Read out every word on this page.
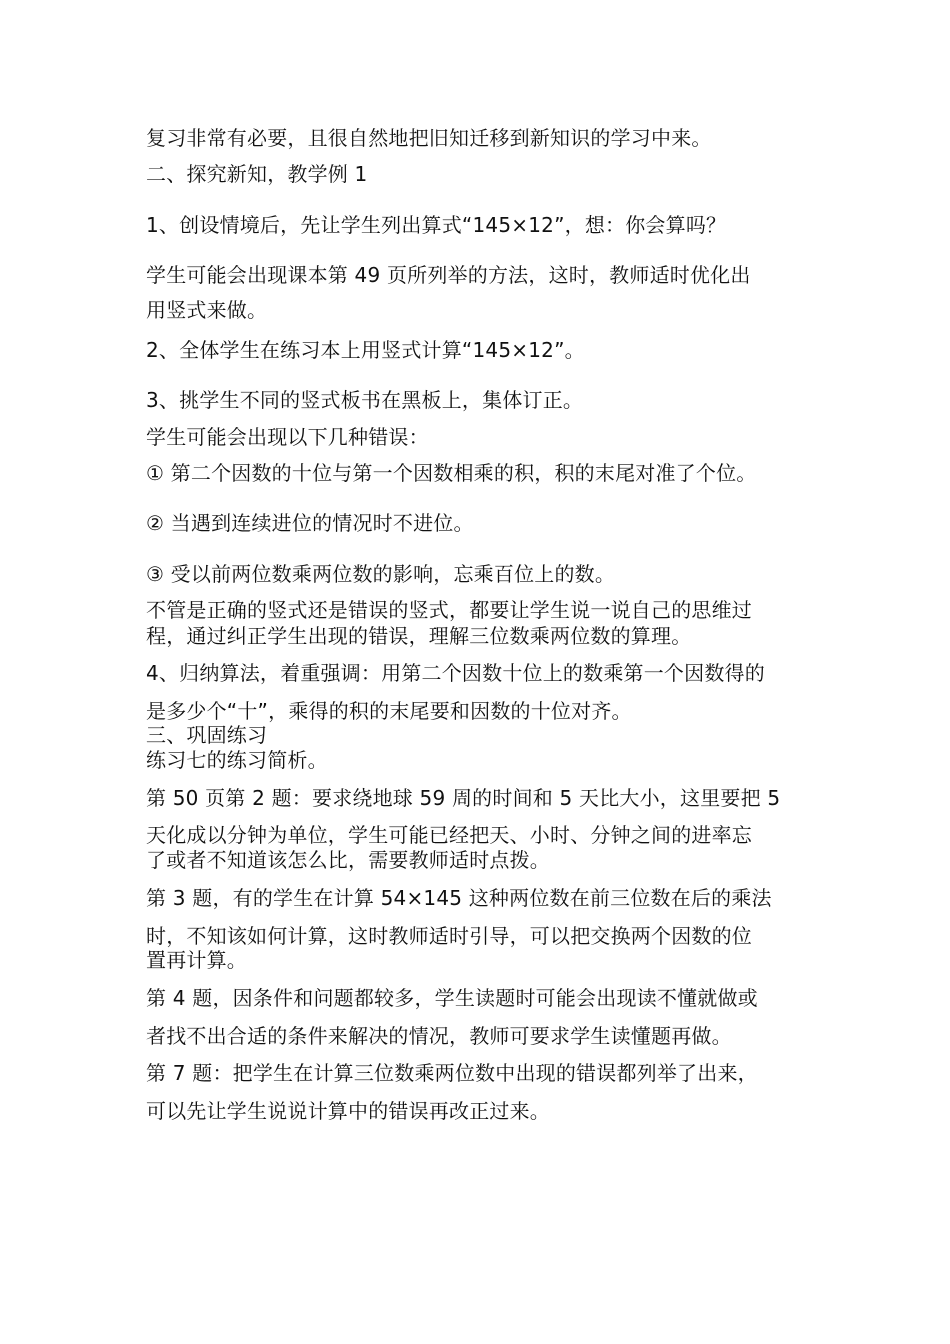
复习非常有必要，且很自然地把旧知迁移到新知识的学习中来。
二、探究新知，教学例 1
1、创设情境后，先让学生列出算式“145×12”，想：你会算吗？
学生可能会出现课本第 49 页所列举的方法，这时，教师适时优化出
用竖式来做。
2、全体学生在练习本上用竖式计算“145×12”。
3、挑学生不同的竖式板书在黑板上，集体订正。
学生可能会出现以下几种错误：
① 第二个因数的十位与第一个因数相乘的积，积的末尾对准了个位。
② 当遇到连续进位的情况时不进位。
③ 受以前两位数乘两位数的影响，忘乘百位上的数。
不管是正确的竖式还是错误的竖式，都要让学生说一说自己的思维过
程，通过纠正学生出现的错误，理解三位数乘两位数的算理。
4、归纳算法，着重强调：用第二个因数十位上的数乘第一个因数得的
是多少个“十”，乘得的积的末尾要和因数的十位对齐。
三、巩固练习
练习七的练习简析。
第 50 页第 2 题：要求绕地球 59 周的时间和 5 天比大小，这里要把 5
天化成以分钟为单位，学生可能已经把天、小时、分钟之间的进率忘
了或者不知道该怎么比，需要教师适时点拨。
第 3 题，有的学生在计算 54×145 这种两位数在前三位数在后的乘法
时，不知该如何计算，这时教师适时引导，可以把交换两个因数的位
置再计算。
第 4 题，因条件和问题都较多，学生读题时可能会出现读不懂就做或
者找不出合适的条件来解决的情况，教师可要求学生读懂题再做。
第 7 题：把学生在计算三位数乘两位数中出现的错误都列举了出来，
可以先让学生说说计算中的错误再改正过来。
